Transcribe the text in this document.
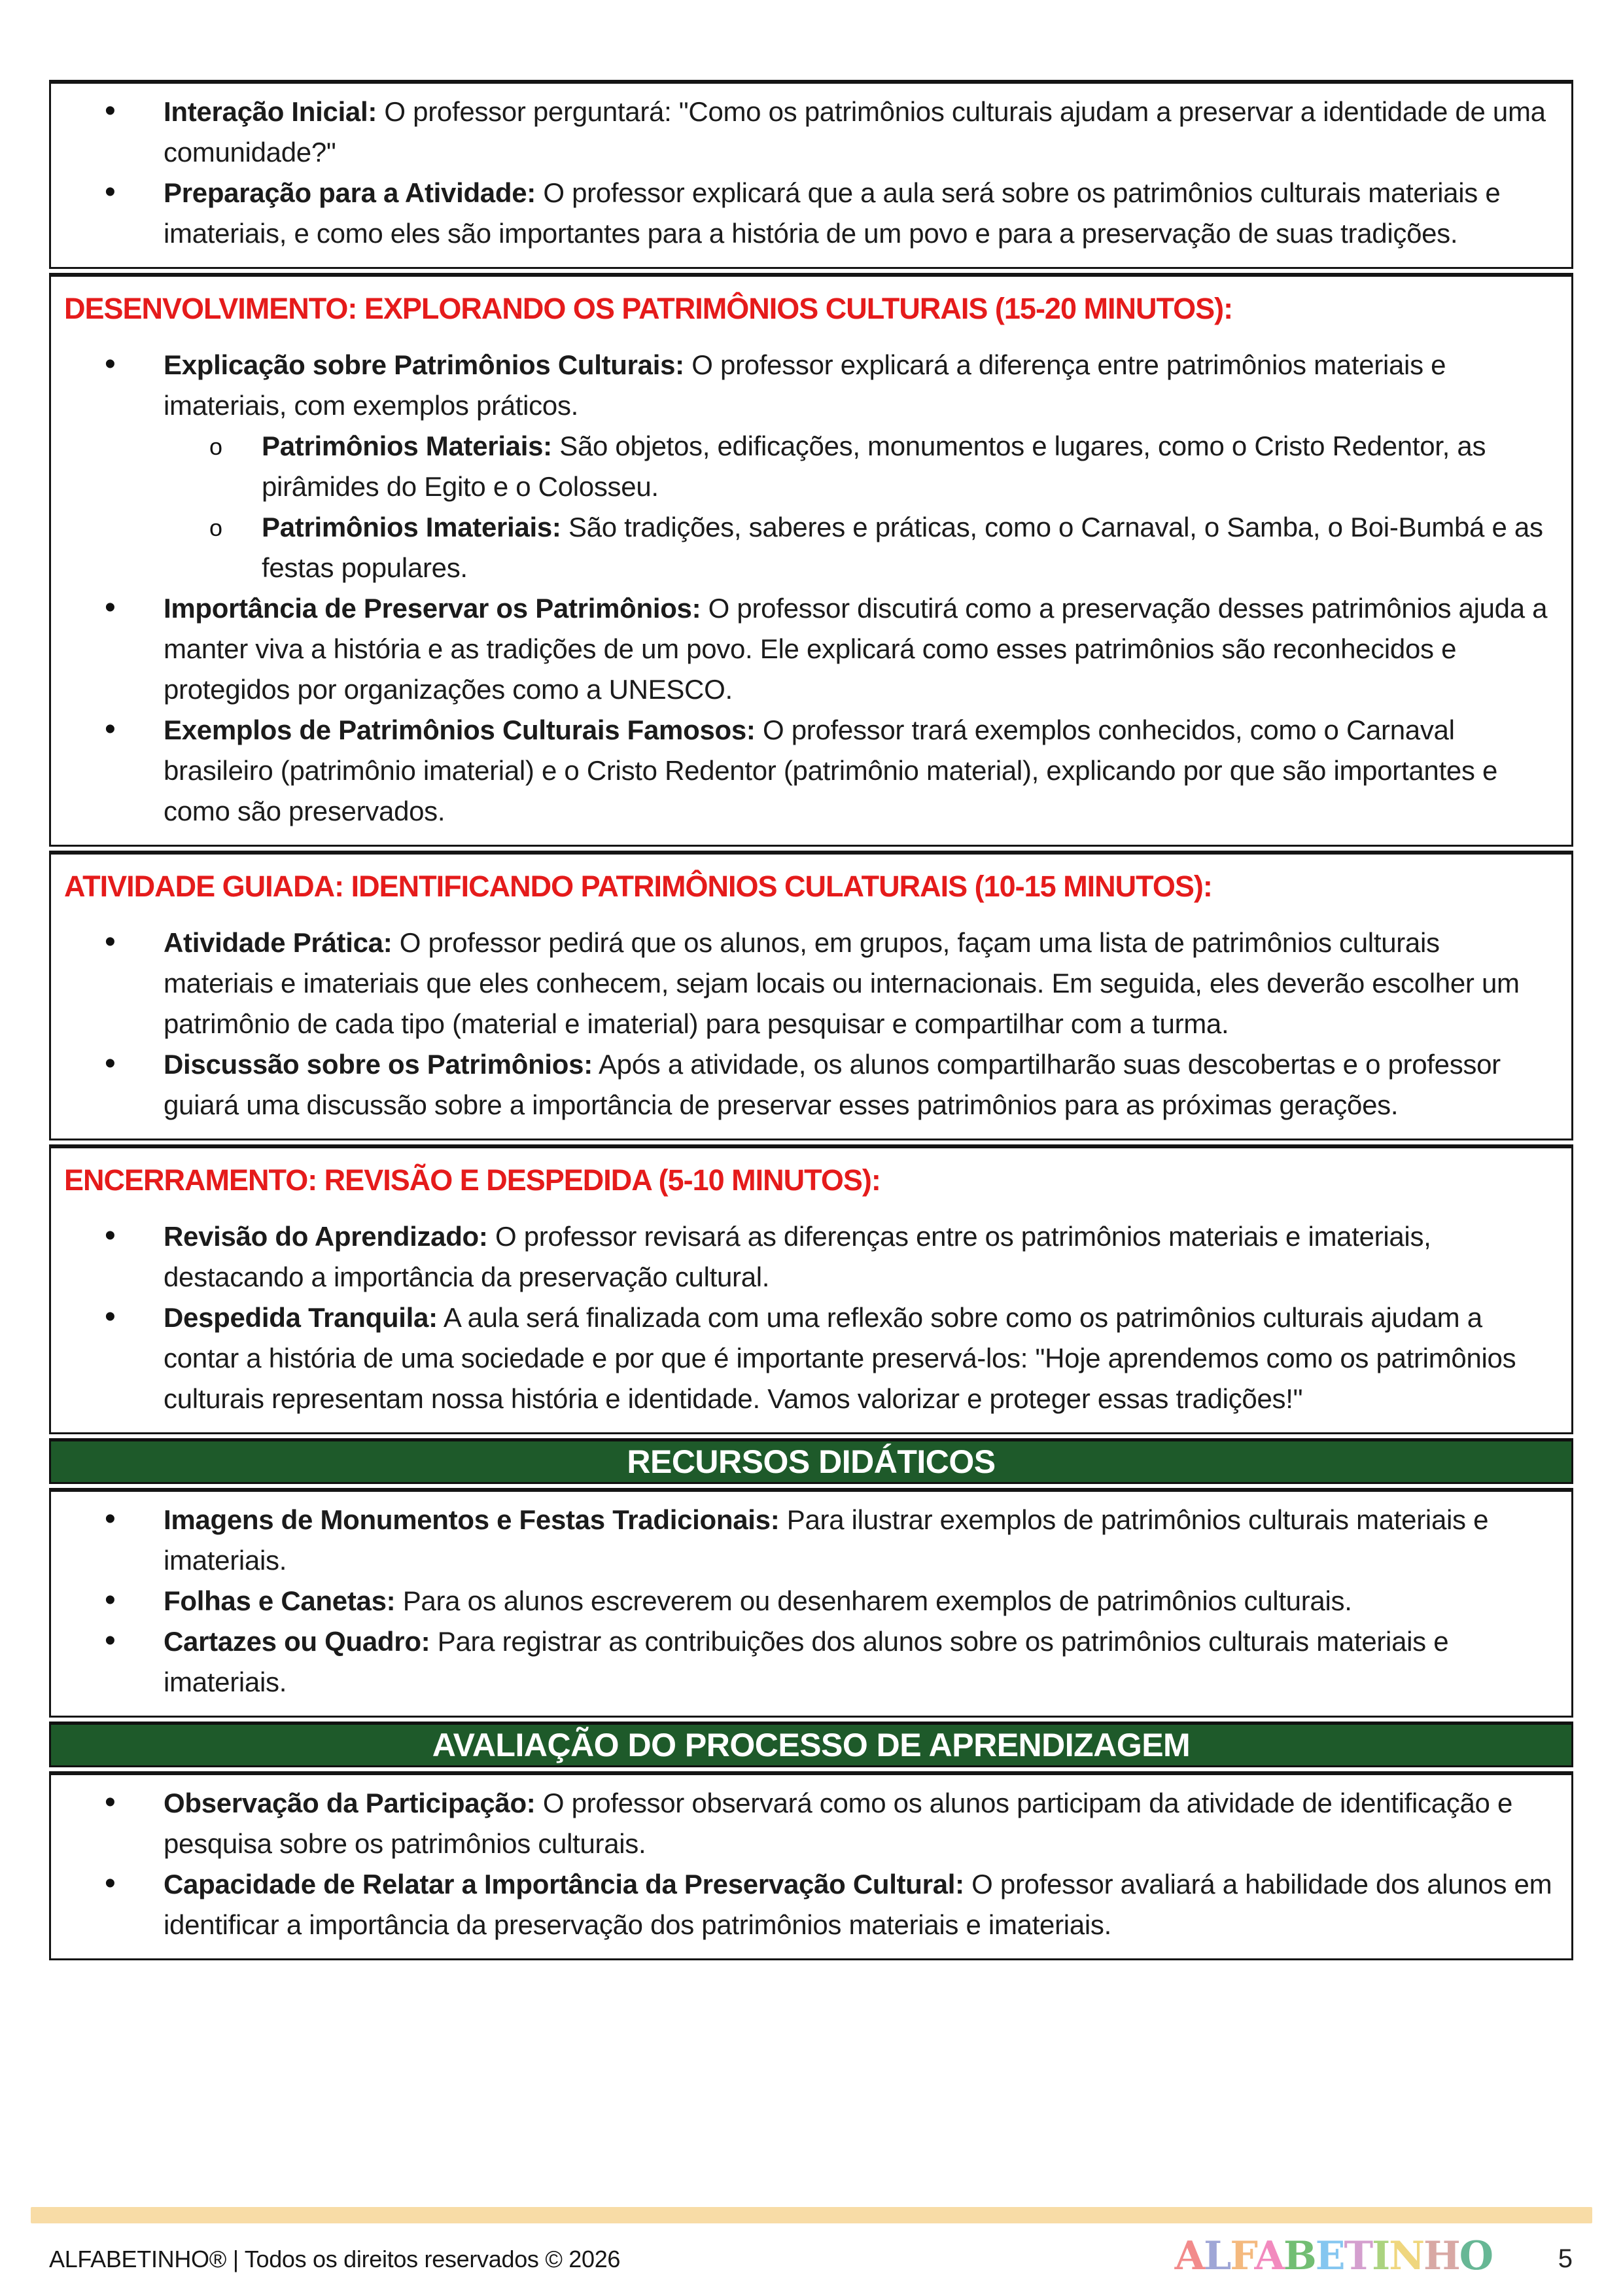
• Interação Inicial: O professor perguntará: "Como os patrimônios culturais ajudam a preservar a identidade de uma comunidade?"
• Preparação para a Atividade: O professor explicará que a aula será sobre os patrimônios culturais materiais e imateriais, e como eles são importantes para a história de um povo e para a preservação de suas tradições.
DESENVOLVIMENTO: EXPLORANDO OS PATRIMÔNIOS CULTURAIS (15-20 MINUTOS):
• Explicação sobre Patrimônios Culturais: O professor explicará a diferença entre patrimônios materiais e imateriais, com exemplos práticos.
o Patrimônios Materiais: São objetos, edificações, monumentos e lugares, como o Cristo Redentor, as pirâmides do Egito e o Colosseu.
o Patrimônios Imateriais: São tradições, saberes e práticas, como o Carnaval, o Samba, o Boi-Bumbá e as festas populares.
• Importância de Preservar os Patrimônios: O professor discutirá como a preservação desses patrimônios ajuda a manter viva a história e as tradições de um povo. Ele explicará como esses patrimônios são reconhecidos e protegidos por organizações como a UNESCO.
• Exemplos de Patrimônios Culturais Famosos: O professor trará exemplos conhecidos, como o Carnaval brasileiro (patrimônio imaterial) e o Cristo Redentor (patrimônio material), explicando por que são importantes e como são preservados.
ATIVIDADE GUIADA: IDENTIFICANDO PATRIMÔNIOS CULATURAIS (10-15 MINUTOS):
• Atividade Prática: O professor pedirá que os alunos, em grupos, façam uma lista de patrimônios culturais materiais e imateriais que eles conhecem, sejam locais ou internacionais. Em seguida, eles deverão escolher um patrimônio de cada tipo (material e imaterial) para pesquisar e compartilhar com a turma.
• Discussão sobre os Patrimônios: Após a atividade, os alunos compartilharão suas descobertas e o professor guiará uma discussão sobre a importância de preservar esses patrimônios para as próximas gerações.
ENCERRAMENTO: REVISÃO E DESPEDIDA (5-10 MINUTOS):
• Revisão do Aprendizado: O professor revisará as diferenças entre os patrimônios materiais e imateriais, destacando a importância da preservação cultural.
• Despedida Tranquila: A aula será finalizada com uma reflexão sobre como os patrimônios culturais ajudam a contar a história de uma sociedade e por que é importante preservá-los: "Hoje aprendemos como os patrimônios culturais representam nossa história e identidade. Vamos valorizar e proteger essas tradições!"
RECURSOS DIDÁTICOS
• Imagens de Monumentos e Festas Tradicionais: Para ilustrar exemplos de patrimônios culturais materiais e imateriais.
• Folhas e Canetas: Para os alunos escreverem ou desenharem exemplos de patrimônios culturais.
• Cartazes ou Quadro: Para registrar as contribuições dos alunos sobre os patrimônios culturais materiais e imateriais.
AVALIAÇÃO DO PROCESSO DE APRENDIZAGEM
• Observação da Participação: O professor observará como os alunos participam da atividade de identificação e pesquisa sobre os patrimônios culturais.
• Capacidade de Relatar a Importância da Preservação Cultural: O professor avaliará a habilidade dos alunos em identificar a importância da preservação dos patrimônios materiais e imateriais.
ALFABETINHO® | Todos os direitos reservados © 2026	ALFABETINHO	5
